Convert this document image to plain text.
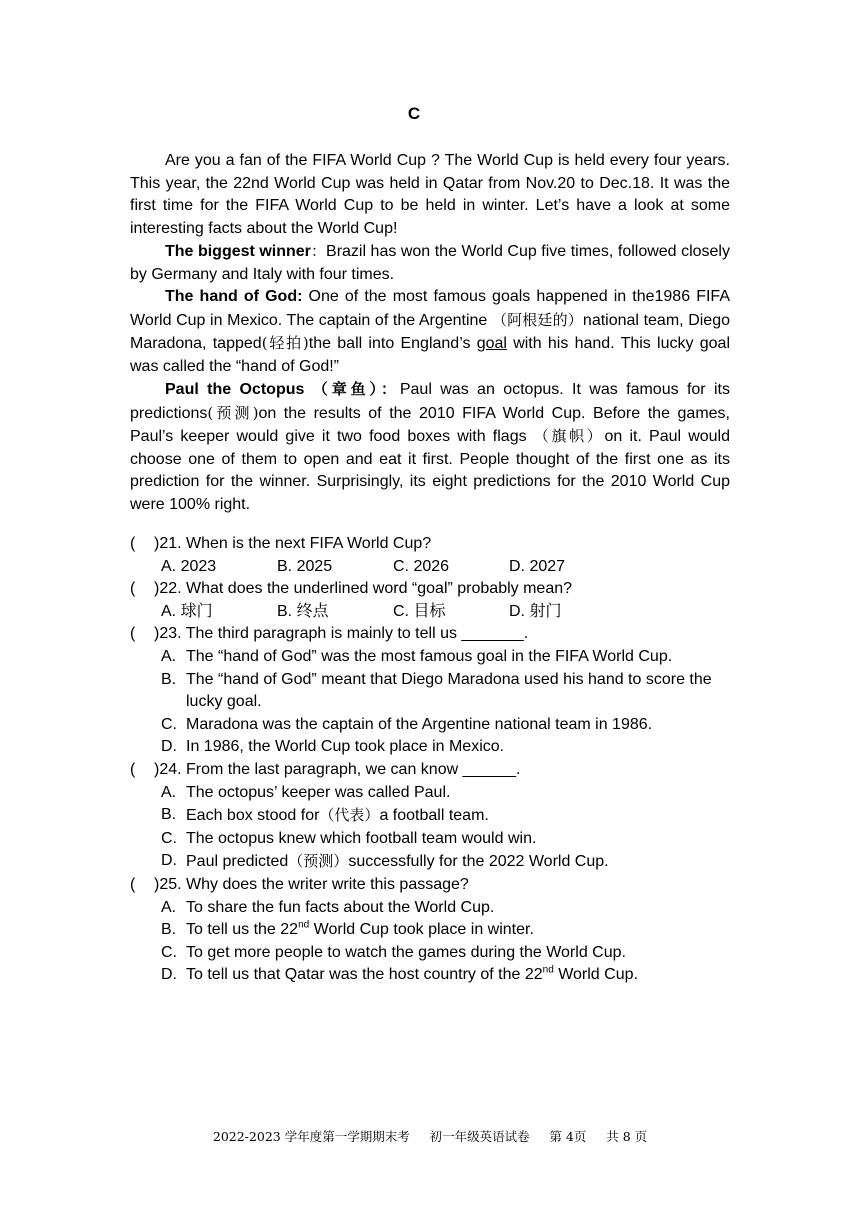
C

Are you a fan of the FIFA World Cup ? The World Cup is held every four years. This year, the 22nd World Cup was held in Qatar from Nov.20 to Dec.18. It was the first time for the FIFA World Cup to be held in winter. Let’s have a look at some interesting facts about the World Cup!

The biggest winner：Brazil has won the World Cup five times, followed closely by Germany and Italy with four times.

The hand of God: One of the most famous goals happened in the1986 FIFA World Cup in Mexico. The captain of the Argentine （阿根廷的）national team, Diego Maradona, tapped(轻拍)the ball into England’s goal with his hand. This lucky goal was called the “hand of God!”

Paul the Octopus （章鱼）：Paul was an octopus. It was famous for its predictions(预测)on the results of the 2010 FIFA World Cup. Before the games, Paul’s keeper would give it two food boxes with flags （旗帜）on it. Paul would choose one of them to open and eat it first. People thought of the first one as its prediction for the winner. Surprisingly, its eight predictions for the 2010 World Cup were 100% right.

(	)21. When is the next FIFA World Cup?
A. 2023	B. 2025	C. 2026	D. 2027
(	)22. What does the underlined word “goal” probably mean?
A. 球门	B. 终点	C. 目标	D. 射门
(	)23. The third paragraph is mainly to tell us _______.
A. The “hand of God” was the most famous goal in the FIFA World Cup.
B. The “hand of God” meant that Diego Maradona used his hand to score the lucky goal.
C. Maradona was the captain of the Argentine national team in 1986.
D. In 1986, the World Cup took place in Mexico.
(	)24. From the last paragraph, we can know ______.
A. The octopus’ keeper was called Paul.
B. Each box stood for（代表）a football team.
C. The octopus knew which football team would win.
D. Paul predicted（预测）successfully for the 2022 World Cup.
(	)25. Why does the writer write this passage?
A. To share the fun facts about the World Cup.
B. To tell us the 22nd World Cup took place in winter.
C. To get more people to watch the games during the World Cup.
D. To tell us that Qatar was the host country of the 22nd World Cup.
2022-2023 学年度第一学期期末考     初一年级英语试卷     第 4页     共 8 页
